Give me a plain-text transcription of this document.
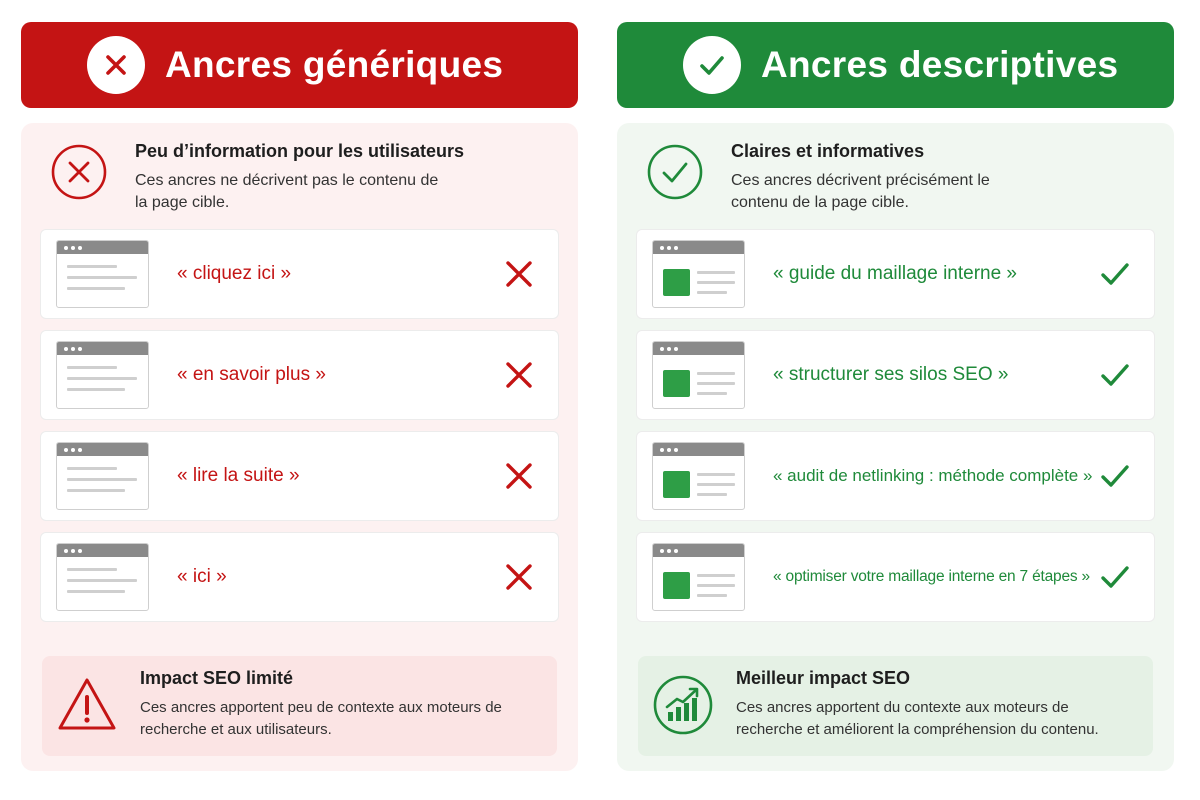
Ancres génériques
Peu d’information pour les utilisateurs
Ces ancres ne décrivent pas le contenu de la page cible.
« cliquez ici »
« en savoir plus »
« lire la suite »
« ici »
Impact SEO limité
Ces ancres apportent peu de contexte aux moteurs de recherche et aux utilisateurs.
Ancres descriptives
Claires et informatives
Ces ancres décrivent précisément le contenu de la page cible.
« guide du maillage interne »
« structurer ses silos SEO »
« audit de netlinking : méthode complète »
« optimiser votre maillage interne en 7 étapes »
Meilleur impact SEO
Ces ancres apportent du contexte aux moteurs de recherche et améliorent la compréhension du contenu.
